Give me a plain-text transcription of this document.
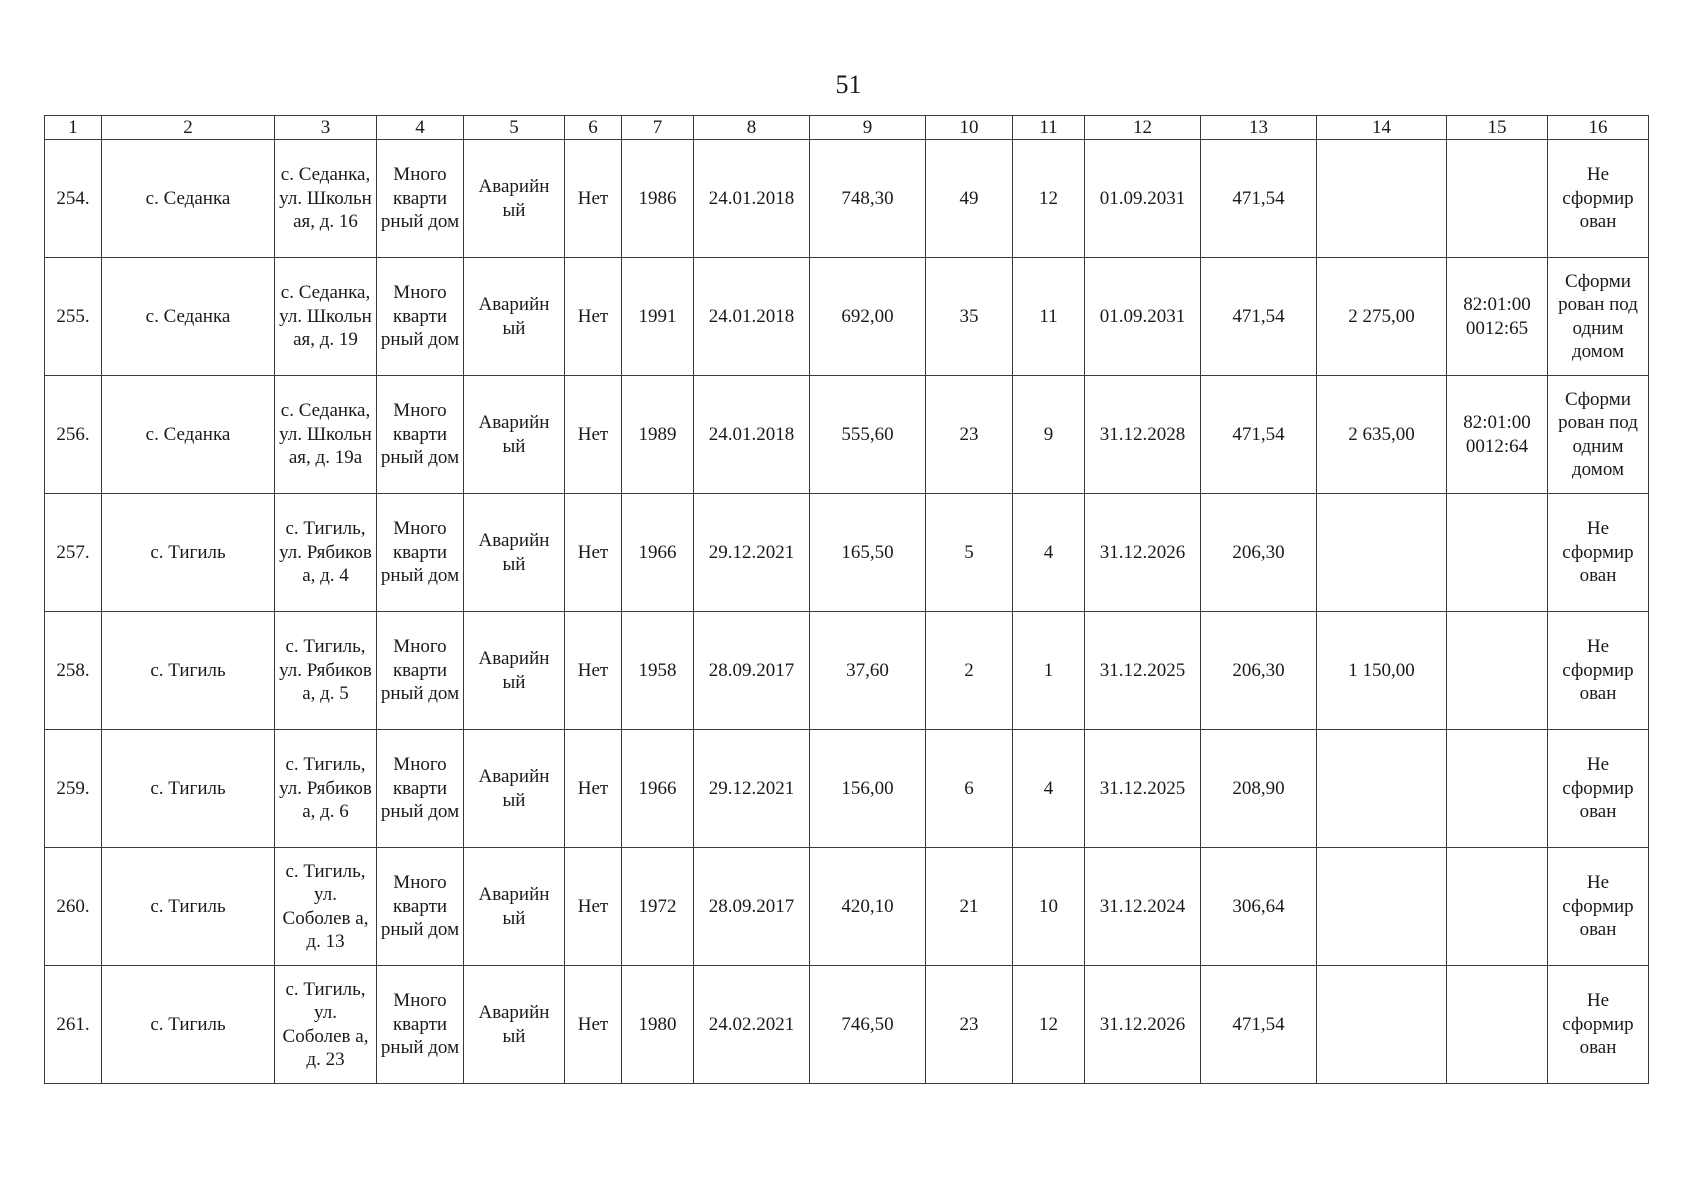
51
1	2	3	4	5	6	7	8	9	10	11	12	13	14	15	16
254.	с. Седанка	с. Седанка, ул. Школьн ая, д. 16	Много кварти рный дом	Аварийн ый	Нет	1986	24.01.2018	748,30	49	12	01.09.2031	471,54			Не сформир ован
255.	с. Седанка	с. Седанка, ул. Школьн ая, д. 19	Много кварти рный дом	Аварийн ый	Нет	1991	24.01.2018	692,00	35	11	01.09.2031	471,54	2 275,00	82:01:00 0012:65	Сформи рован под одним домом
256.	с. Седанка	с. Седанка, ул. Школьн ая, д. 19а	Много кварти рный дом	Аварийн ый	Нет	1989	24.01.2018	555,60	23	9	31.12.2028	471,54	2 635,00	82:01:00 0012:64	Сформи рован под одним домом
257.	с. Тигиль	с. Тигиль, ул. Рябиков а, д. 4	Много кварти рный дом	Аварийн ый	Нет	1966	29.12.2021	165,50	5	4	31.12.2026	206,30			Не сформир ован
258.	с. Тигиль	с. Тигиль, ул. Рябиков а, д. 5	Много кварти рный дом	Аварийн ый	Нет	1958	28.09.2017	37,60	2	1	31.12.2025	206,30	1 150,00		Не сформир ован
259.	с. Тигиль	с. Тигиль, ул. Рябиков а, д. 6	Много кварти рный дом	Аварийн ый	Нет	1966	29.12.2021	156,00	6	4	31.12.2025	208,90			Не сформир ован
260.	с. Тигиль	с. Тигиль, ул. Соболев а, д. 13	Много кварти рный дом	Аварийн ый	Нет	1972	28.09.2017	420,10	21	10	31.12.2024	306,64			Не сформир ован
261.	с. Тигиль	с. Тигиль, ул. Соболев а, д. 23	Много кварти рный дом	Аварийн ый	Нет	1980	24.02.2021	746,50	23	12	31.12.2026	471,54			Не сформир ован
